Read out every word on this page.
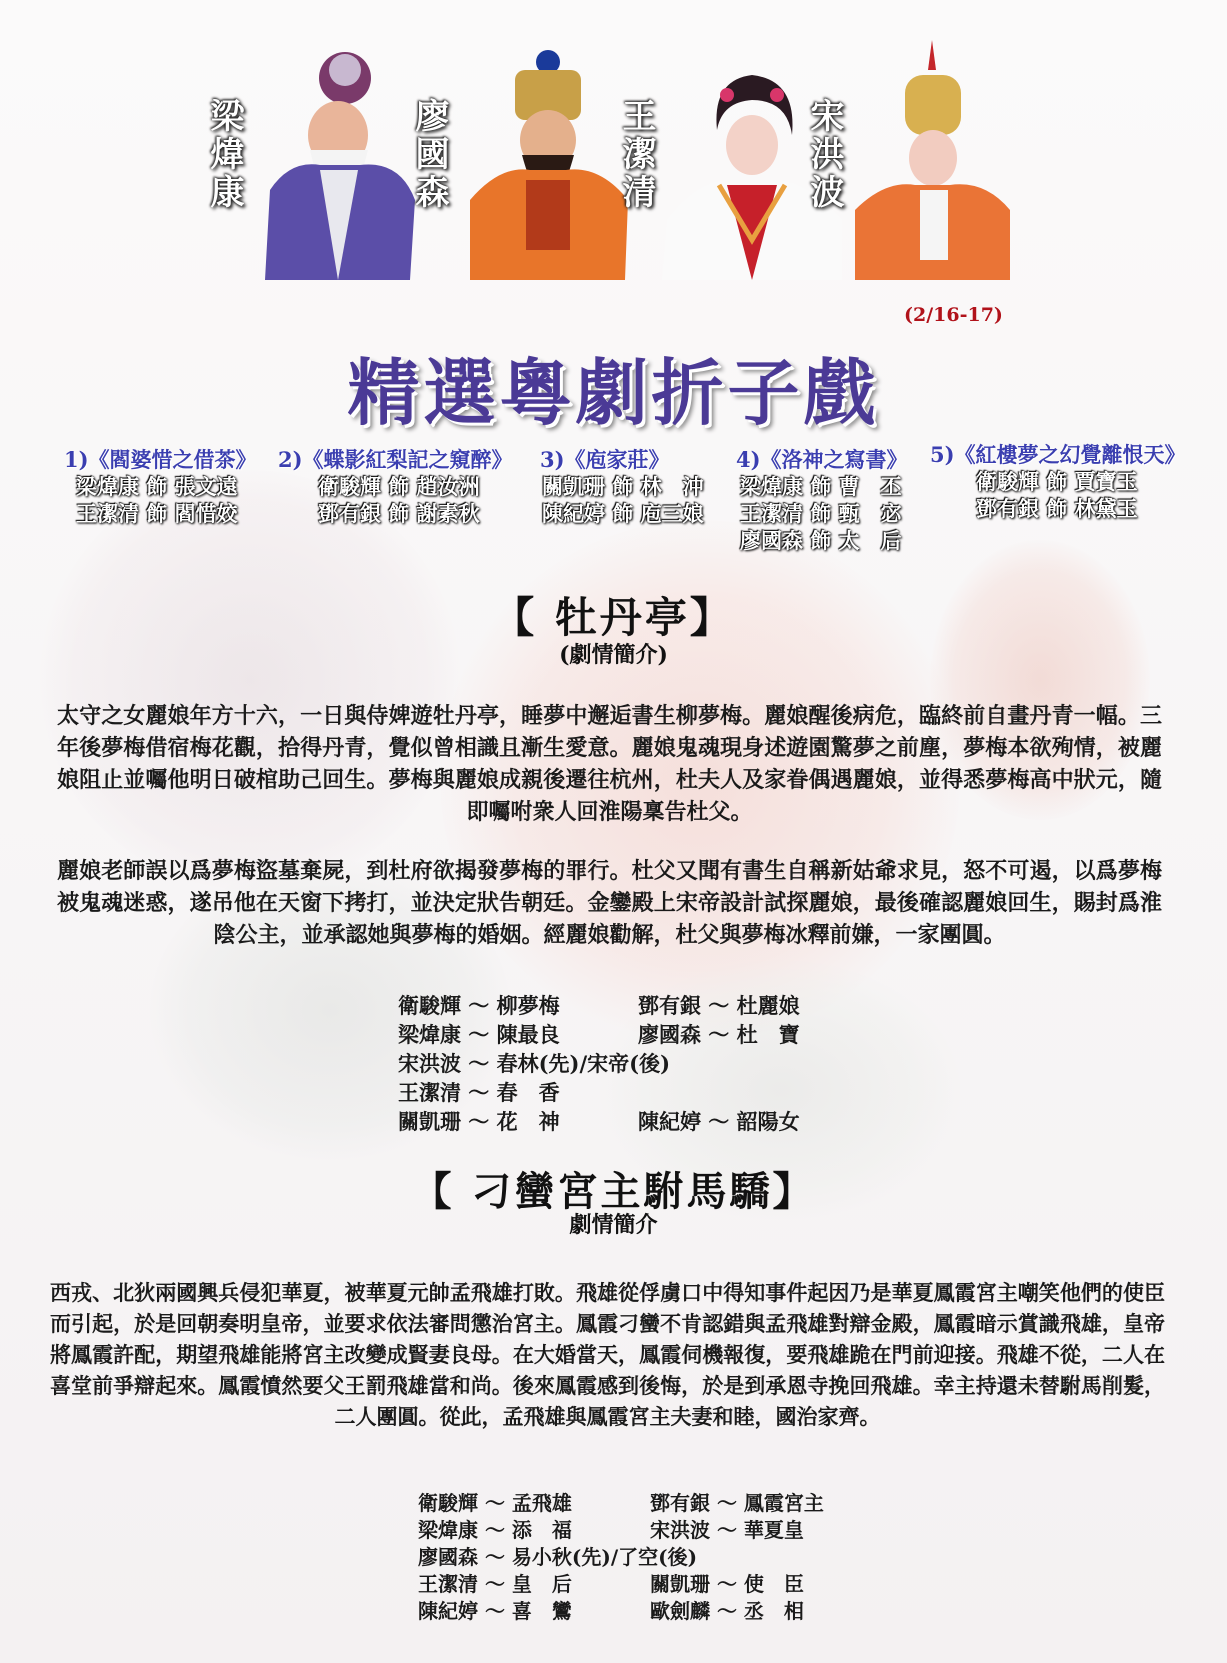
梁煒康	廖國森	王潔清	宋洪波
(2/16-17)
精選粵劇折子戲
1)《閻婆惜之借茶》
梁煒康 飾 張文遠
王潔清 飾 閻惜姣
2)《蝶影紅梨記之窺醉》
衛駿輝 飾 趙汝洲
鄧有銀 飾 謝素秋
3)《庖家莊》
關凱珊 飾 林　沖
陳紀婷 飾 庖三娘
4)《洛神之寫書》
梁煒康 飾 曹　丕
王潔清 飾 甄　宓
廖國森 飾 太　后
5)《紅樓夢之幻覺離恨天》
衛駿輝 飾 賈寶玉
鄧有銀 飾 林黛玉
【 牡丹亭】
(劇情簡介)

太守之女麗娘年方十六，一日與侍婢遊牡丹亭，睡夢中邂逅書生柳夢梅。麗娘醒後病危，臨終前自畫丹青一幅。三年後夢梅借宿梅花觀，拾得丹青，覺似曾相識且漸生愛意。麗娘鬼魂現身述遊園驚夢之前塵，夢梅本欲殉情，被麗娘阻止並囑他明日破棺助己回生。夢梅與麗娘成親後遷往杭州，杜夫人及家眷偶遇麗娘，並得悉夢梅高中狀元，隨即囑咐衆人回淮陽稟告杜父。

麗娘老師誤以爲夢梅盜墓棄屍，到杜府欲揭發夢梅的罪行。杜父又聞有書生自稱新姑爺求見，怒不可遏，以爲夢梅被鬼魂迷惑，遂吊他在天窗下拷打，並決定狀告朝廷。金鑾殿上宋帝設計試探麗娘，最後確認麗娘回生，賜封爲淮陰公主，並承認她與夢梅的婚姻。經麗娘勸解，杜父與夢梅冰釋前嫌，一家團圓。

衛駿輝 ～ 柳夢梅	鄧有銀 ～ 杜麗娘
梁煒康 ～ 陳最良	廖國森 ～ 杜　寶
宋洪波 ～ 春林(先)/宋帝(後)
王潔清 ～ 春　香
關凱珊 ～ 花　神	陳紀婷 ～ 韶陽女
【 刁蠻宮主駙馬驕】
劇情簡介

西戎、北狄兩國興兵侵犯華夏，被華夏元帥孟飛雄打敗。飛雄從俘虜口中得知事件起因乃是華夏鳳霞宮主嘲笑他們的使臣而引起，於是回朝奏明皇帝，並要求依法審問懲治宮主。鳳霞刁蠻不肯認錯與孟飛雄對辯金殿，鳳霞暗示賞識飛雄，皇帝將鳳霞許配，期望飛雄能將宮主改變成賢妻良母。在大婚當天，鳳霞伺機報復，要飛雄跪在門前迎接。飛雄不從，二人在喜堂前爭辯起來。鳳霞憤然要父王罰飛雄當和尚。後來鳳霞感到後悔，於是到承恩寺挽回飛雄。幸主持還未替駙馬削髮，二人團圓。從此，孟飛雄與鳳霞宮主夫妻和睦，國治家齊。

衛駿輝 ～ 孟飛雄	鄧有銀 ～ 鳳霞宮主
梁煒康 ～ 添　福	宋洪波 ～ 華夏皇
廖國森 ～ 易小秋(先)/了空(後)
王潔清 ～ 皇　后	關凱珊 ～ 使　臣
陳紀婷 ～ 喜　鸞	歐劍麟 ～ 丞　相
